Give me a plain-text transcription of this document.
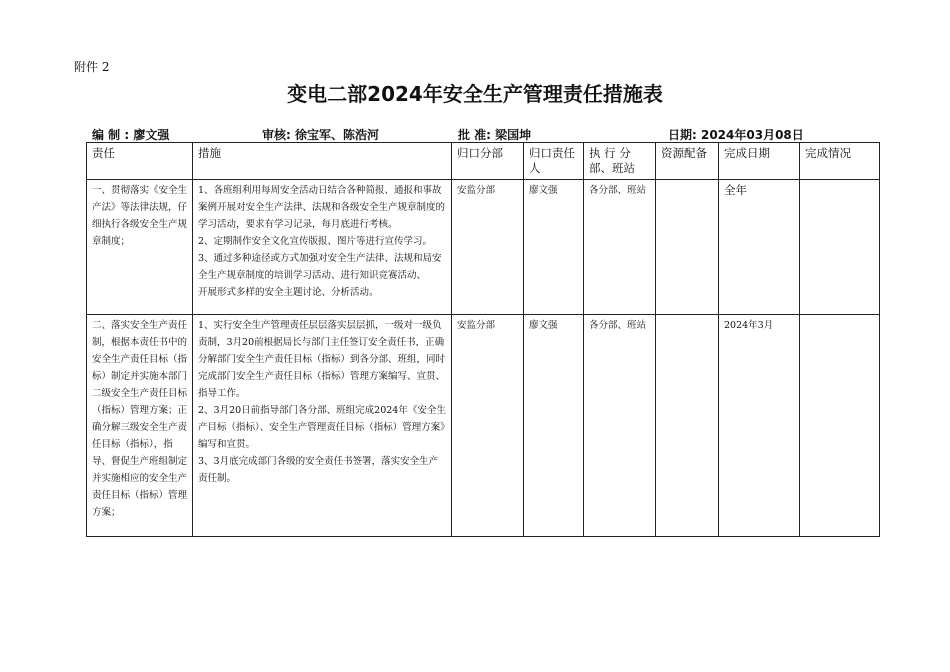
附件 2
变电二部2024年安全生产管理责任措施表
编 制 : 廖文强	审核: 徐宝军、陈浩河	批 准: 梁国坤	日期: 2024年03月08日
责任	措施	归口分部	归口责任人	执 行 分部、班站	资源配备	完成日期	完成情况
一、贯彻落实《安全生产法》等法律法规，仔细执行各级安全生产规章制度；	1、各班组利用每周安全活动日结合各种简报、通报和事故案例开展对安全生产法律、法规和各级安全生产规章制度的学习活动，要求有学习记录，每月底进行考核。

2、定期制作安全文化宣传版报、图片等进行宣传学习。

3、通过多种途径或方式加强对安全生产法律、法规和局安全生产规章制度的培训学习活动、进行知识竞赛活动、

开展形式多样的安全主题讨论、分析活动。	安监分部	廖文强	各分部、班站		全年	
二、落实安全生产责任制，根据本责任书中的安全生产责任目标（指标）制定并实施本部门二级安全生产责任目标（指标）管理方案；正确分解三级安全生产责任目标（指标），指导、督促生产班组制定并实施相应的安全生产责任目标（指标）管理方案；	1、实行安全生产管理责任层层落实层层抓，一级对一级负责制，3月20前根据局长与部门主任签订安全责任书，正确分解部门安全生产责任目标（指标）到各分部、班组，同时完成部门安全生产责任目标（指标）管理方案编写、宣贯、指导工作。

2、3月20日前指导部门各分部、班组完成2024年《安全生产目标（指标）、安全生产管理责任目标（指标）管理方案》编写和宣贯。

3、3月底完成部门各级的安全责任书签署，落实安全生产责任制。	安监分部	廖文强	各分部、班站		2024年3月	
